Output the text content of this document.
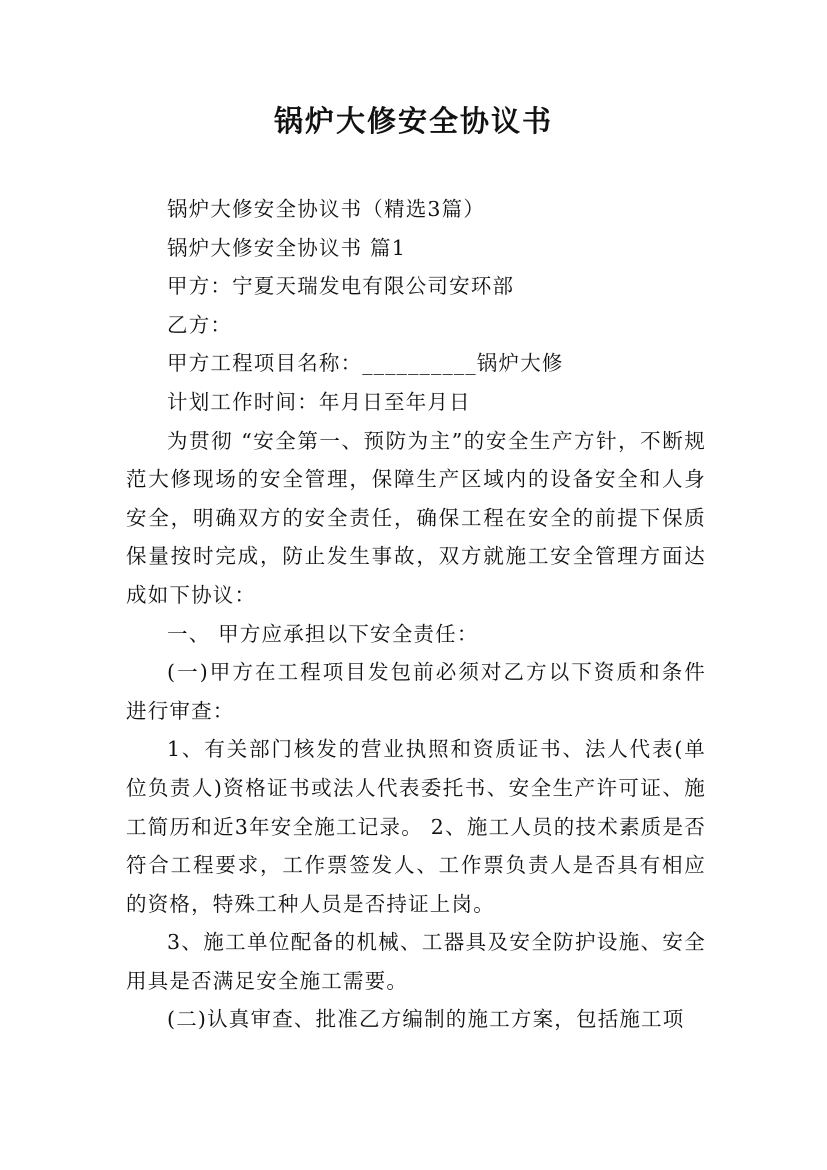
锅炉大修安全协议书

锅炉大修安全协议书（精选3篇）

锅炉大修安全协议书 篇1

甲方：宁夏天瑞发电有限公司安环部

乙方：

甲方工程项目名称：__________锅炉大修

计划工作时间：年月日至年月日

为贯彻 “安全第一、预防为主”的安全生产方针，不断规范大修现场的安全管理，保障生产区域内的设备安全和人身安全，明确双方的安全责任，确保工程在安全的前提下保质保量按时完成，防止发生事故，双方就施工安全管理方面达成如下协议：

一、 甲方应承担以下安全责任：

(一)甲方在工程项目发包前必须对乙方以下资质和条件进行审查：

1、有关部门核发的营业执照和资质证书、法人代表(单位负责人)资格证书或法人代表委托书、安全生产许可证、施工简历和近3年安全施工记录。 2、施工人员的技术素质是否符合工程要求，工作票签发人、工作票负责人是否具有相应的资格，特殊工种人员是否持证上岗。

3、施工单位配备的机械、工器具及安全防护设施、安全用具是否满足安全施工需要。

(二)认真审查、批准乙方编制的施工方案，包括施工项
